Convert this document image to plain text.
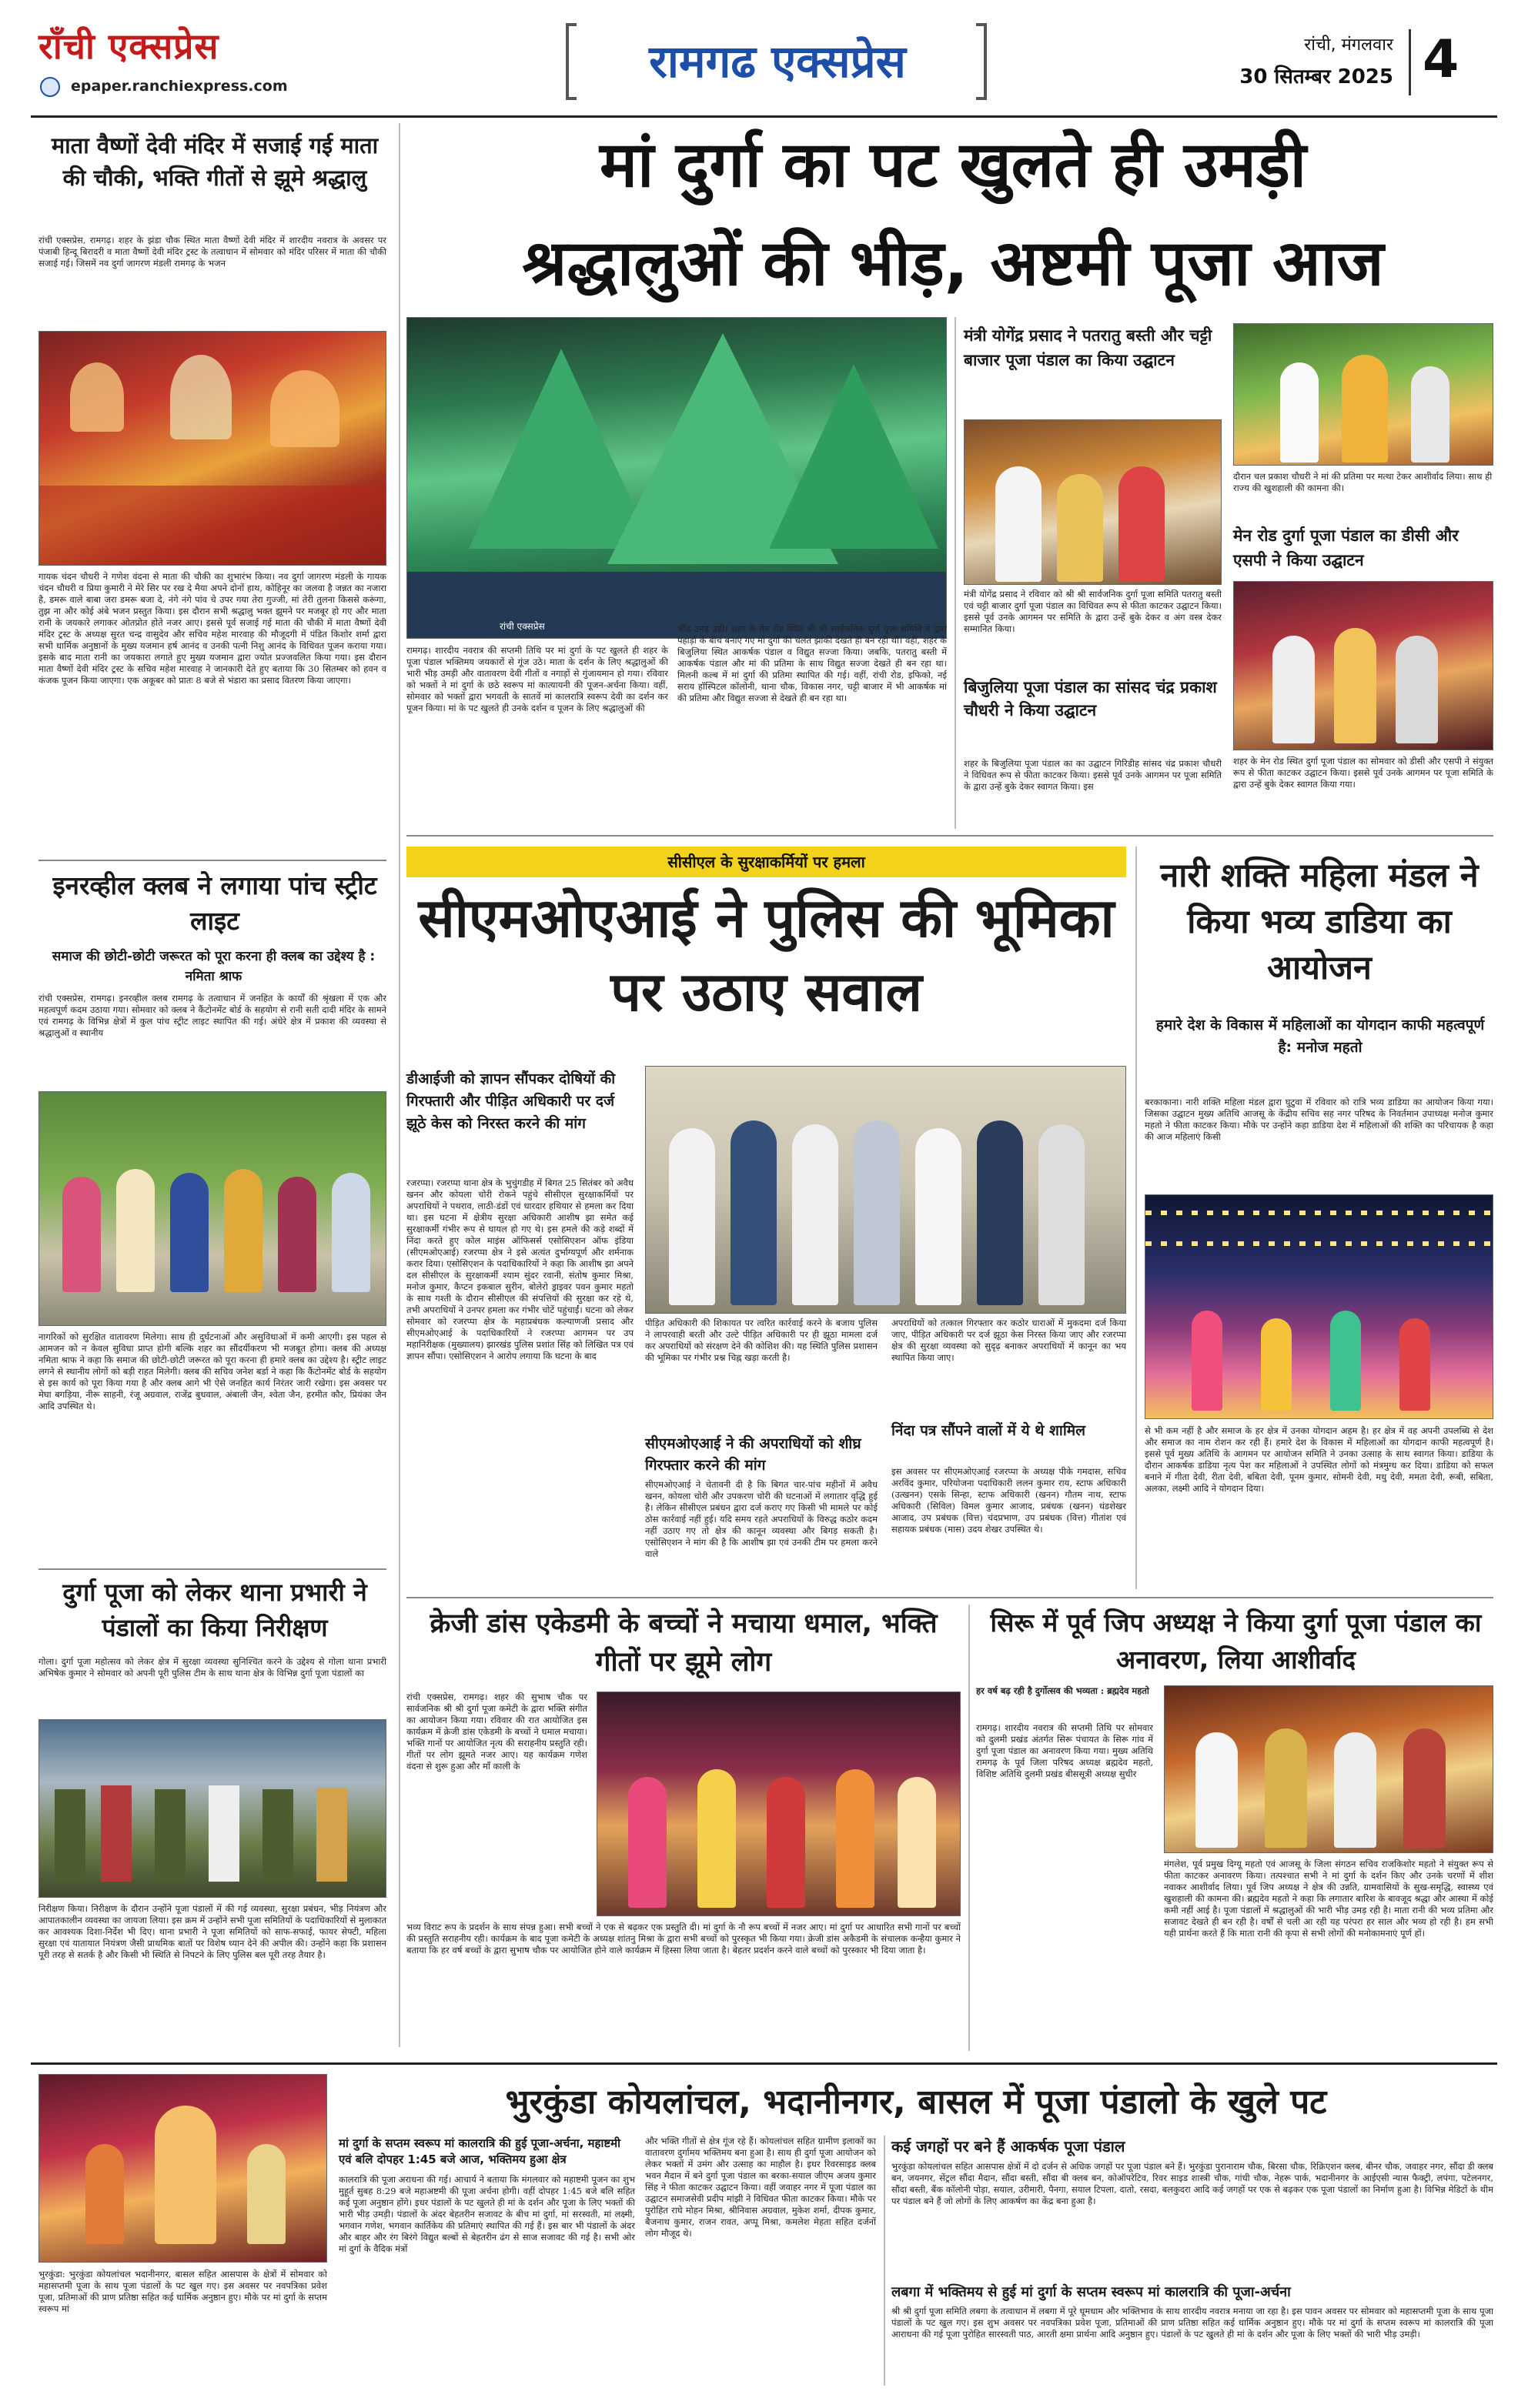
राँची एक्सप्रेस
epaper.ranchiexpress.com	रामगढ एक्सप्रेस	रांची, मंगलवार
30 सितम्बर 2025 4
माता वैष्णों देवी मंदिर में सजाई गई माता की चौकी, भक्ति गीतों से झूमे श्रद्धालु
रांची एक्सप्रेस, रामगढ़। शहर के झंडा चौक स्थित माता वैष्णों देवी मंदिर में शारदीय नवरात्र के अवसर पर पंजाबी हिन्दू बिरादरी व माता वैष्णों देवी मंदिर ट्रस्ट के तत्वाधान में सोमवार को मंदिर परिसर में माता की चौकी सजाई गई। जिसमें नव दुर्गा जागरण मंडली रामगढ़ के भजन
गायक चंदन चौधरी ने गणेश वंदना से माता की चौकी का शुभारंभ किया। नव दुर्गा जागरण मंडली के गायक चंदन चौधरी व प्रिया कुमारी ने मेरे सिर पर रख दे मैया अपने दोनों हाथ, कोहिनूर का जलवा है जन्नत का नजारा है, डमरू वाले बाबा जरा डमरू बजा दे, नंगे नंगे पांव चे उपर गया तेरा गुज्जी, मां तेरी तुलना किससे करूंगा, तुझ ना और कोई अंबे भजन प्रस्तुत किया। इस दौरान सभी श्रद्धालु भक्त झूमने पर मजबूर हो गए और माता रानी के जयकारे लगाकर ओतप्रोत होते नजर आए। इससे पूर्व सजाई गई माता की चौकी में माता वैष्णों देवी मंदिर ट्रस्ट के अध्यक्ष सुरत चन्द्र वासुदेव और सचिव महेश मारवाह की मौजूदगी में पंडित किशोर शर्मा द्वारा सभी धार्मिक अनुष्ठानों के मुख्य यजमान हर्ष आनंद व उनकी पत्नी निशु आनंद के विधिवत पूजन कराया गया। इसके बाद माता रानी का जयकारा लगाते हुए मुख्य यजमान द्वारा ज्योत प्रज्जवलित किया गया। इस दौरान माता वैष्णों देवी मंदिर ट्रस्ट के सचिव महेश मारवाह ने जानकारी देते हुए बताया कि 30 सितम्बर को हवन व कंजक पूजन किया जाएगा। एक अकूबर को प्रातः 8 बजे से भंडारा का प्रसाद वितरण किया जाएगा।
इनरव्हील क्लब ने लगाया पांच स्ट्रीट लाइट
समाज की छोटी-छोटी जरूरत को पूरा करना ही क्लब का उद्देश्य है : नमिता श्राफ
रांची एक्सप्रेस, रामगढ़। इनरव्हील क्लब रामगढ़ के तत्वाधान में जनहित के कार्यों की श्रृंखला में एक और महत्वपूर्ण कदम उठाया गया। सोमवार को क्लब ने कैंटोनमेंट बोर्ड के सहयोग से रानी सती दादी मंदिर के सामने एवं रामगढ़ के विभिन्न क्षेत्रों में कुल पांच स्ट्रीट लाइट स्थापित की गई। अंधेरे क्षेत्र में प्रकाश की व्यवस्था से श्रद्धालुओं व स्थानीय
नागरिकों को सुरक्षित वातावरण मिलेगा। साथ ही दुर्घटनाओं और असुविधाओं में कमी आएगी। इस पहल से आमजन को न केवल सुविधा प्राप्त होगी बल्कि शहर का सौंदर्यीकरण भी मजबूत होगा। क्लब की अध्यक्ष नमिता श्राफ ने कहा कि समाज की छोटी-छोटी जरूरत को पूरा करना ही हमारे क्लब का उद्देश्य है। स्ट्रीट लाइट लगने से स्थानीय लोगों को बड़ी राहत मिलेगी। क्लब की सचिव जनेश बर्डा ने कहा कि कैंटोनमेंट बोर्ड के सहयोग से इस कार्य को पूरा किया गया है और क्लब आगे भी ऐसे जनहित कार्य निरंतर जारी रखेगा। इस अवसर पर मेघा बगड़िया, नीरू साहनी, रंजू अग्रवाल, राजेंद्र बुधवाल, अंबाली जैन, श्वेता जैन, हरमीत कौर, प्रियंका जैन आदि उपस्थित थे।
दुर्गा पूजा को लेकर थाना प्रभारी ने पंडालों का किया निरीक्षण
गोला। दुर्गा पूजा महोत्सव को लेकर क्षेत्र में सुरक्षा व्यवस्था सुनिश्चित करने के उद्देश्य से गोला थाना प्रभारी अभिषेक कुमार ने सोमवार को अपनी पूरी पुलिस टीम के साथ थाना क्षेत्र के विभिन्न दुर्गा पूजा पंडालों का
निरीक्षण किया। निरीक्षण के दौरान उन्होंने पूजा पंडालों में की गई व्यवस्था, सुरक्षा प्रबंधन, भीड़ नियंत्रण और आपातकालीन व्यवस्था का जायजा लिया। इस क्रम में उन्होंने सभी पूजा समितियों के पदाधिकारियों से मुलाकात कर आवश्यक दिशा-निर्देश भी दिए। थाना प्रभारी ने पूजा समितियों को साफ-सफाई, फायर सेफ्टी, महिला सुरक्षा एवं यातायात नियंत्रण जैसी प्राथमिक बातों पर विशेष ध्यान देने की अपील की। उन्होंने कहा कि प्रशासन पूरी तरह से सतर्क है और किसी भी स्थिति से निपटने के लिए पुलिस बल पूरी तरह तैयार है।
मां दुर्गा का पट खुलते ही उमड़ी
श्रद्धालुओं की भीड़, अष्टमी पूजा आज
रांची एक्सप्रेस
रामगढ़। शारदीय नवरात्र की सप्तमी तिथि पर मां दुर्गा के पट खुलते ही शहर के पूजा पंडाल भक्तिमय जयकारों से गूंज उठे। माता के दर्शन के लिए श्रद्धालुओं की भारी भीड़ उमड़ी और वातावरण देवी गीतों व नगाड़ों से गुंजायमान हो गया। रविवार को भक्तों ने मां दुर्गा के छठे स्वरूप मां कात्यायनी की पूजन-अर्चना किया। वहीं, सोमवार को भक्तों द्वारा भगवती के सातवें मां कालरात्रि स्वरूप देवी का दर्शन कर पूजन किया। मां के पट खुलते ही उनके दर्शन व पूजन के लिए श्रद्धालुओं की
भीड़ उमड़ उड़ी। शहर के मेन रोड स्थित श्री श्री सार्वजनिक दुर्गा पूजा समिति ने द्वारा पहाड़ों के बीच बनाए गए मां दुर्गा की चलंत झांकी देखते ही बन रही थी। वहीं, शहर के बिजुलिया स्थित आकर्षक पंडाल व विद्युत सज्जा किया। जबकि, पतरातु बस्ती में आकर्षक पंडाल और मां की प्रतिमा के साथ विद्युत सज्जा देखते ही बन रहा था। मिलनी कल्ब में मां दुर्गा की प्रतिमा स्थापित की गई। वहीं, रांची रोड, इफिको, नई सराय हॉस्पिटल कॉलोनी, थाना चौक, विकास नगर, चट्टी बाजार में भी आकर्षक मां की प्रतिमा और विद्युत सज्जा से देखते ही बन रहा था।
मंत्री योगेंद्र प्रसाद ने पतरातु बस्ती और चट्टी बाजार पूजा पंडाल का किया उद्घाटन
दौरान चल प्रकाश चौधरी ने मां की प्रतिमा पर मत्था टेकर आशीर्वाद लिया। साथ ही राज्य की खुशहाली की कामना की।
मेन रोड दुर्गा पूजा पंडाल का डीसी और एसपी ने किया उद्घाटन
मंत्री योगेंद्र प्रसाद ने रविवार को श्री श्री सार्वजनिक दुर्गा पूजा समिति पतरातु बस्ती एवं चट्टी बाजार दुर्गा पूजा पंडाल का विधिवत रूप से फीता काटकर उद्घाटन किया। इससे पूर्व उनके आगमन पर समिति के द्वारा उन्हें बुके देकर व अंग वस्त्र देकर सम्मानित किया।
बिजुलिया पूजा पंडाल का सांसद चंद्र प्रकाश चौधरी ने किया उद्घाटन
शहर के बिजुलिया पूजा पंडाल का का उद्घाटन गिरिडीह सांसद चंद्र प्रकाश चौधरी ने विधिवत रूप से फीता काटकर किया। इससे पूर्व उनके आगमन पर पूजा समिति के द्वारा उन्हें बुके देकर स्वागत किया। इस
शहर के मेन रोड स्थित दुर्गा पूजा पंडाल का सोमवार को डीसी और एसपी ने संयुक्त रूप से फीता काटकर उद्घाटन किया। इससे पूर्व उनके आगमन पर पूजा समिति के द्वारा उन्हें बुके देकर स्वागत किया गया।
सीसीएल के सुरक्षाकर्मियों पर हमला
सीएमओएआई ने पुलिस की भूमिका पर उठाए सवाल
डीआईजी को ज्ञापन सौंपकर दोषियों की गिरफ्तारी और पीड़ित अधिकारी पर दर्ज झूठे केस को निरस्त करने की मांग
रजरप्पा। रजरप्पा थाना क्षेत्र के भुचुंगडीह में बिगत 25 सितंबर को अवैध खनन और कोयला चोरी रोकने पहुंचे सीसीएल सुरक्षाकर्मियों पर अपराधियों ने पथराव, लाठी-डंडों एवं धारदार हथियार से हमला कर दिया था। इस घटना में क्षेत्रीय सुरक्षा अधिकारी आशीष झा समेत कई सुरक्षाकर्मी गंभीर रूप से घायल हो गए थे। इस हमले की कड़े शब्दों में निंदा करते हुए कोल माइंस ऑफिसर्स एसोसिएशन ऑफ इंडिया (सीएमओएआई) रजरप्पा क्षेत्र ने इसे अत्यंत दुर्भाग्यपूर्ण और शर्मनाक करार दिया। एसोसिएशन के पदाधिकारियों ने कहा कि आशीष झा अपने दल सीसीएल के सुरक्षाकर्मी श्याम सुंदर रवानी, संतोष कुमार मिश्रा, मनोज कुमार, कैप्टन इकबाल सुरीन, बोलेरो ड्राइवर पवन कुमार महतो के साथ गश्ती के दौरान सीसीएल की संपत्तियों की सुरक्षा कर रहे थे, तभी अपराधियों ने उनपर हमला कर गंभीर चोटें पहुंचाईं। घटना को लेकर सोमवार को रजरप्पा क्षेत्र के महाप्रबंधक कल्याणजी प्रसाद और सीएमओएआई के पदाधिकारियों ने रजरप्पा आगमन पर उप महानिरीक्षक (मुख्यालय) झारखंड पुलिस प्रशांत सिंह को लिखित पत्र एवं ज्ञापन सौंपा। एसोसिएशन ने आरोप लगाया कि घटना के बाद
पीड़ित अधिकारी की शिकायत पर त्वरित कार्रवाई करने के बजाय पुलिस ने लापरवाही बरती और उल्टे पीड़ित अधिकारी पर ही झूठा मामला दर्ज कर अपराधियों को संरक्षण देने की कोशिश की। यह स्थिति पुलिस प्रशासन की भूमिका पर गंभीर प्रश्न चिह्न खड़ा करती है।
अपराधियों को तत्काल गिरफ्तार कर कठोर धाराओं में मुकदमा दर्ज किया जाए, पीड़ित अधिकारी पर दर्ज झूठा केस निरस्त किया जाए और रजरप्पा क्षेत्र की सुरक्षा व्यवस्था को सुदृढ़ बनाकर अपराधियों में कानून का भय स्थापित किया जाए।
सीएमओएआई ने की अपराधियों को शीघ्र गिरफ्तार करने की मांग
निंदा पत्र सौंपने वालों में ये थे शामिल
सीएमओएआई ने चेतावनी दी है कि बिगत चार-पांच महीनों में अवैध खनन, कोयला चोरी और उपकरण चोरी की घटनाओं में लगातार वृद्धि हुई है। लेकिन सीसीएल प्रबंधन द्वारा दर्ज कराए गए किसी भी मामले पर कोई ठोस कार्रवाई नहीं हुई। यदि समय रहते अपराधियों के विरुद्ध कठोर कदम नहीं उठाए गए तो क्षेत्र की कानून व्यवस्था और बिगड़ सकती है। एसोसिएशन ने मांग की है कि आशीष झा एवं उनकी टीम पर हमला करने वाले
इस अवसर पर सीएमओएआई रजरप्पा के अध्यक्ष पीके गमदास, सचिव अरविंद कुमार, परियोजना पदाधिकारी ललन कुमार राय, स्टाफ अधिकारी (उत्खनन) एसके सिन्हा, स्टाफ अधिकारी (खनन) गौतम नाथ, स्टाफ अधिकारी (सिविल) विमल कुमार आजाद, प्रबंधक (खनन) धंडशेखर आजाद, उप प्रबंधक (वित्त) चंदप्रभाण, उप प्रबंधक (वित्त) गीतांश एवं सहायक प्रबंधक (मास) उदय शेखर उपस्थित थे।
नारी शक्ति महिला मंडल ने किया भव्य डाडिया का आयोजन
हमारे देश के विकास में महिलाओं का योगदान काफी महत्वपूर्ण है: मनोज महतो
बरकाकाना। नारी शक्ति महिला मंडल द्वारा घुटुवा में रविवार को रात्रि भव्य डाडिया का आयोजन किया गया। जिसका उद्घाटन मुख्य अतिथि आजसू के केंद्रीय सचिव सह नगर परिषद के निवर्तमान उपाध्यक्ष मनोज कुमार महतो ने फीता काटकर किया। मौके पर उन्होंने कहा डाडिया देश में महिलाओं की शक्ति का परिचायक है कहा की आज महिलाएं किसी
से भी कम नहीं है और समाज के हर क्षेत्र में उनका योगदान अहम है। हर क्षेत्र में वह अपनी उपलब्धि से देश और समाज का नाम रोशन कर रही हैं। हमारे देश के विकास में महिलाओं का योगदान काफी महत्वपूर्ण है। इससे पूर्व मुख्य अतिथि के आगमन पर आयोजन समिति ने उनका उत्साह के साथ स्वागत किया। डाडिया के दौरान आकर्षक डाडिया नृत्य पेश कर महिलाओं ने उपस्थित लोगों को मंत्रमुग्ध कर दिया। डाडिया को सफल बनाने में गीता देवी, रीता देवी, बबिता देवी, पूनम कुमार, सोमनी देवी, मधु देवी, ममता देवी, रूबी, सबिता, अलका, लक्ष्मी आदि ने योगदान दिया।
क्रेजी डांस एकेडमी के बच्चों ने मचाया धमाल, भक्ति गीतों पर झूमे लोग
रांची एक्सप्रेस, रामगढ़। शहर की सुभाष चौक पर सार्वजनिक श्री श्री दुर्गा पूजा कमेटी के द्वारा भक्ति संगीत का आयोजन किया गया। रविवार की रात आयोजित इस कार्यक्रम में क्रेजी डांस एकेडमी के बच्चों ने धमाल मचाया। भक्ति गानों पर आयोजित नृत्य की सराहनीय प्रस्तुति रही। गीतों पर लोग झूमते नजर आए। यह कार्यक्रम गणेश वंदना से शुरू हुआ और माँ काली के
भव्य विराट रूप के प्रदर्शन के साथ संपन्न हुआ। सभी बच्चों ने एक से बढ़कर एक प्रस्तुति दी। मां दुर्गा के नौ रूप बच्चों में नजर आए। मां दुर्गा पर आधारित सभी गानों पर बच्चों की प्रस्तुति सराहनीय रही। कार्यक्रम के बाद पूजा कमेटी के अध्यक्ष शांतनु मिश्रा के द्वारा सभी बच्चों को पुरस्कृत भी किया गया। क्रेजी डांस अकैडमी के संचालक कन्हैया कुमार ने बताया कि हर वर्ष बच्चों के द्वारा सुभाष चौक पर आयोजित होने वाले कार्यक्रम में हिस्सा लिया जाता है। बेहतर प्रदर्शन करने वाले बच्चों को पुरस्कार भी दिया जाता है।
सिरू में पूर्व जिप अध्यक्ष ने किया दुर्गा पूजा पंडाल का अनावरण, लिया आशीर्वाद
हर वर्ष बढ़ रही है दुर्गोत्सव की भव्यता : ब्रह्मदेव महतो
रामगढ़। शारदीय नवरात्र की सप्तमी तिथि पर सोमवार को दुलमी प्रखंड अंतर्गत सिरू पंचायत के सिरू गांव में दुर्गा पूजा पंडाल का अनावरण किया गया। मुख्य अतिथि रामगढ़ के पूर्व जिला परिषद अध्यक्ष ब्रह्मदेव महतो, विशिष्ट अतिथि दुलमी प्रखंड बीससूत्री अध्यक्ष सुधीर
मंगलेश, पूर्व प्रमुख दिग्यू महतो एवं आजसू के जिला संगठन सचिव राजकिशोर महतो ने संयुक्त रूप से फीता काटकर अनावरण किया। तत्पश्चात सभी ने मां दुर्गा के दर्शन किए और उनके चरणों में शीश नवाकर आशीर्वाद लिया। पूर्व जिप अध्यक्ष ने क्षेत्र की उन्नति, ग्रामवासियों के सुख-समृद्धि, स्वास्थ्य एवं खुशहाली की कामना की। ब्रह्मदेव महतो ने कहा कि लगातार बारिश के बावजूद श्रद्धा और आस्था में कोई कमी नहीं आई है। पूजा पंडालों में श्रद्धालुओं की भारी भीड़ उमड़ रही है। माता रानी की भव्य प्रतिमा और सजावट देखते ही बन रही है। वर्षों से चली आ रही यह परंपरा हर साल और भव्य हो रही है। हम सभी यही प्रार्थना करते हैं कि माता रानी की कृपा से सभी लोगों की मनोकामनाएं पूर्ण हों।
भुरकुंडा कोयलांचल, भदानीनगर, बासल में पूजा पंडालो के खुले पट
भुरकुंडा: भुरकुंडा कोयलांचल भदानीनगर, बासल सहित आसपास के क्षेत्रों में सोमवार को महासप्तमी पूजा के साथ पूजा पंडालों के पट खुल गए। इस अवसर पर नवपत्रिका प्रवेश पूजा, प्रतिमाओं की प्राण प्रतिष्ठा सहित कई धार्मिक अनुष्ठान हुए। मौके पर मां दुर्गा के सप्तम स्वरूप मां
मां दुर्गा के सप्तम स्वरूप मां कालरात्रि की हुई पूजा-अर्चना, महाष्टमी एवं बलि दोपहर 1:45 बजे आज, भक्तिमय हुआ क्षेत्र
कालरात्रि की पूजा अराधना की गई। आचार्य ने बताया कि मंगलवार को महाष्टमी पूजन का शुभ मुहूर्त सुबह 8:29 बजे महाअष्टमी की पूजा अर्चना होगी। वहीं दोपहर 1:45 बजे बलि सहित कई पूजा अनुष्ठान होंगे। इधर पंडालों के पट खुलते ही मां के दर्शन और पूजा के लिए भक्तों की भारी भीड़ उमड़ी। पंडालों के अंदर बेहतरीन सजावट के बीच मां दुर्गा, मां सरस्वती, मां लक्ष्मी, भगवान गणेश, भगवान कार्तिकेय की प्रतिमाएं स्थापित की गई हैं। इस बार भी पंडालों के अंदर और बाहर और रंग बिरंगे विद्युत बल्बों से बेहतरीन ढंग से साज सजावट की गई है। सभी ओर मां दुर्गा के वैदिक मंत्रों
और भक्ति गीतों से क्षेत्र गूंज रहे हैं। कोयलांचल सहित ग्रामीण इलाकों का वातावरण दुर्गामय भक्तिमय बना हुआ है। साथ ही दुर्गा पूजा आयोजन को लेकर भक्तों में उमंग और उत्साह का माहौल है। इधर रिवरसाइड क्लब भवन मैदान में बने दुर्गा पूजा पंडाल का बरका-सयाल जीएम अजय कुमार सिंह ने फीता काटकर उद्घाटन किया। वहीं जवाहर नगर में पूजा पंडाल का उद्घाटन समाजसेवी प्रदीप मांझी ने विधिवत फीता काटकर किया। मौके पर पुरोहित राघे मोहन मिश्रा, श्रीनिवास अग्रवाल, मुकेश शर्मा, दीपक कुमार, बैजनाथ कुमार, राजन रावत, अप्पू मिश्रा, कमलेश मेहता सहित दर्जनों लोग मौजूद थे।
कई जगहों पर बने हैं आकर्षक पूजा पंडाल
भुरकुंडा कोयलांचल सहित आसपास क्षेत्रों में दो दर्जन से अधिक जगहों पर पूजा पंडाल बने हैं। भुरकुंडा पुरानाराम चौक, बिरसा चौक, रिक्रिएशन क्लब, बीनर चौक, जवाहर नगर, सौंदा डी क्लब बन, जयनगर, सेंट्रल सौंदा मैदान, सौंदा बस्ती, सौंदा बी क्लब बन, कोऑपरेटिव, रिवर साइड शास्त्री चौक, गांधी चौक, नेहरू पार्क, भदानीनगर के आईएसी न्यास फैक्ट्री, लपंगा, पटेलनगर, सौंदा बस्ती, बैंक कॉलोनी पोड़ा, सयाल, उरीमारी, पैनगा, सयाल टिपला, दातो, रसदा, बलकुदरा आदि कई जगहों पर एक से बढ़कर एक पूजा पंडालों का निर्माण हुआ है। विभिन्न मेडिटों के थीम पर पंडाल बने हैं जो लोगों के लिए आकर्षण का केंद्र बना हुआ है।
लबगा में भक्तिमय से हुई मां दुर्गा के सप्तम स्वरूप मां कालरात्रि की पूजा-अर्चना
श्री श्री दुर्गा पूजा समिति लबगा के तत्वाधान में लबगा में पूरे धूमधाम और भक्तिभाव के साथ शारदीय नवरात्र मनाया जा रहा है। इस पावन अवसर पर सोमवार को महासप्तमी पूजा के साथ पूजा पंडालों के पट खुल गए। इस शुभ अवसर पर नवपत्रिका प्रवेश पूजा, प्रतिमाओं की प्राण प्रतिष्ठा सहित कई धार्मिक अनुष्ठान हुए। मौके पर मां दुर्गा के सप्तम स्वरूप मां कालरात्रि की पूजा आराधना की गई पूजा पुरोहित सारस्वती पाठ, आरती क्षमा प्रार्थना आदि अनुष्ठान हुए। पंडालों के पट खुलते ही मां के दर्शन और पूजा के लिए भक्तों की भारी भीड़ उमड़ी।
